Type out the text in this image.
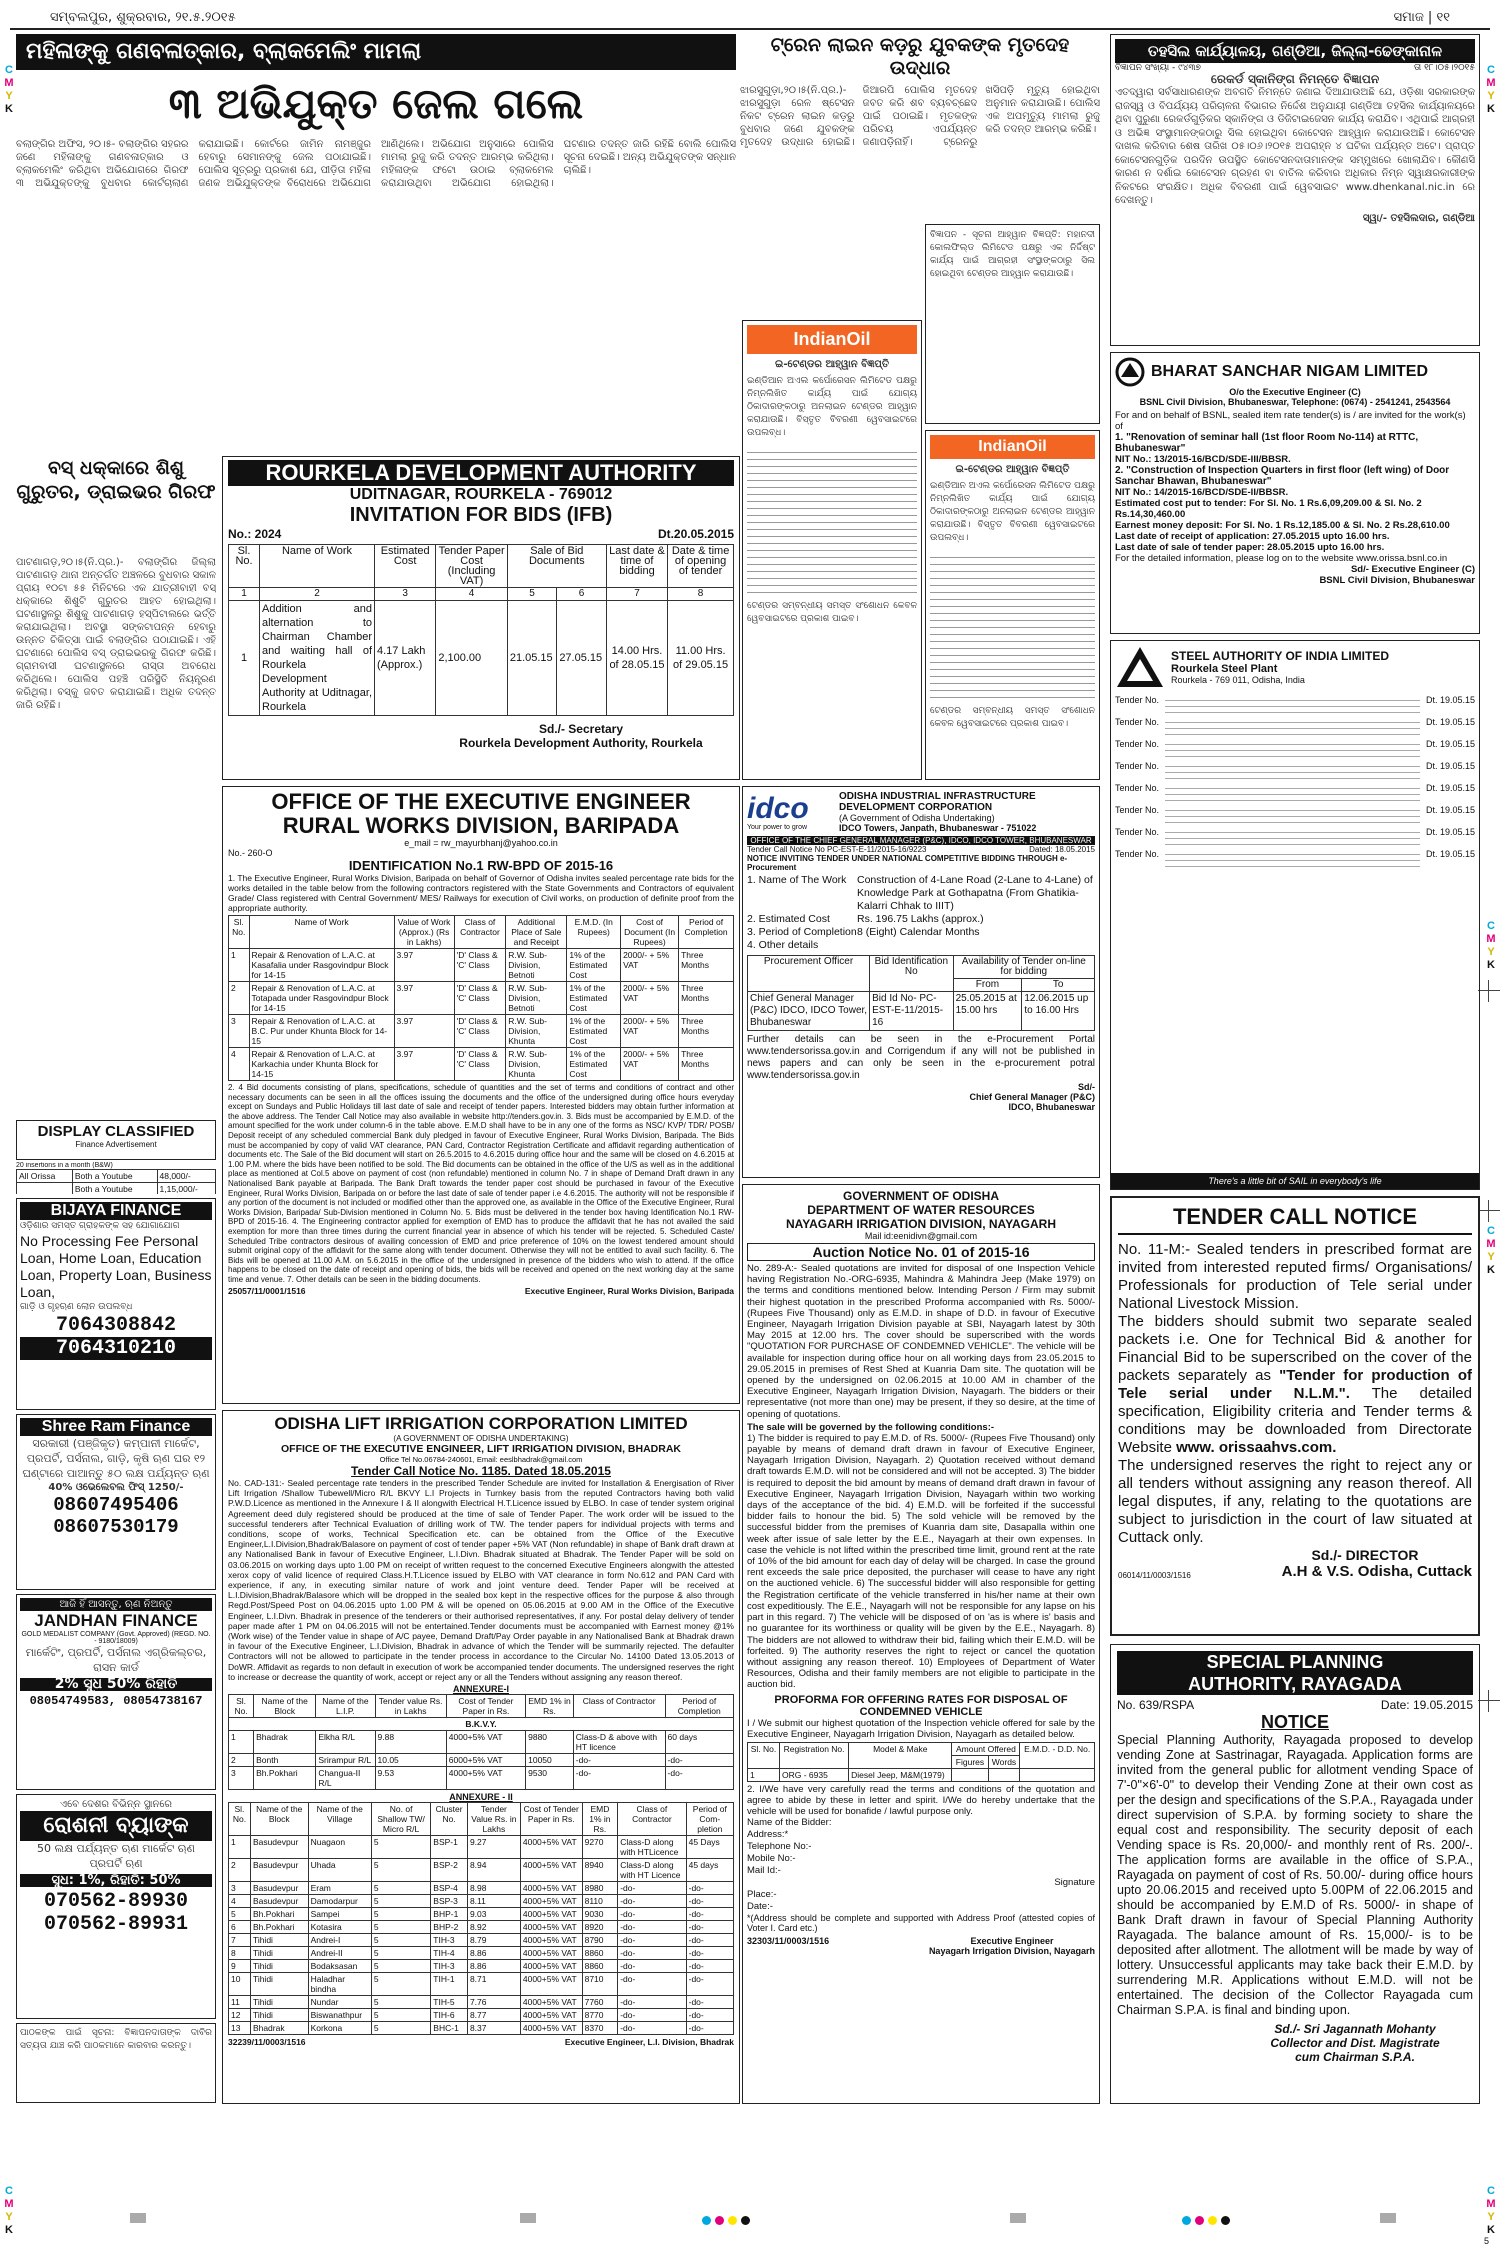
ସମ୍ବଲପୁର, ଶୁକ୍ରବାର, ୨୧.୫.୨୦୧୫	ସମାଜ | ୧୧
C
M
Y
K
C
M
Y
K
C
M
Y
K
C
M
Y
K
C
M
Y
K
C
M
Y
K
ମହିଳାଙ୍କୁ ଗଣବଳାତ୍କାର, ବ୍ଲାକମେଲିଂ ମାମଲା
୩ ଅଭିଯୁକ୍ତ ଜେଲ ଗଲେ
ବଲାଙ୍ଗିର ଅଫିସ, ୨୦।୫- ବଲାଙ୍ଗିର ସହରର ଜଣେ ମହିଳାଙ୍କୁ ଗଣବଳାତ୍କାର ଓ ବ୍ଲାକମେଲିଂ କରିଥିବା ଅଭିଯୋଗରେ ଗିରଫ ୩ ଅଭିଯୁକ୍ତଙ୍କୁ ବୁଧବାର କୋର୍ଟଚାଲାଣ କରାଯାଇଛି। କୋର୍ଟରେ ଜାମିନ ନାମଞ୍ଜୁର ହେବାରୁ ସେମାନଙ୍କୁ ଜେଲ ପଠାଯାଇଛି। ପୋଲିସ ସୂତ୍ରରୁ ପ୍ରକାଶ ଯେ, ପୀଡ଼ିତା ମହିଳା ଜଣକ ଅଭିଯୁକ୍ତଙ୍କ ବିରୋଧରେ ଅଭିଯୋଗ ଆଣିଥିଲେ। ଅଭିଯୋଗ ଅନୁସାରେ ପୋଲିସ ମାମଲା ରୁଜୁ କରି ତଦନ୍ତ ଆରମ୍ଭ କରିଥିଲା। ମହିଳାଙ୍କ ଫଟୋ ଉଠାଇ ବ୍ଲାକମେଲ କରାଯାଉଥିବା ଅଭିଯୋଗ ହୋଇଥିଲା। ଘଟଣାର ତଦନ୍ତ ଜାରି ରହିଛି ବୋଲି ପୋଲିସ ସୂଚନା ଦେଇଛି। ଅନ୍ୟ ଅଭିଯୁକ୍ତଙ୍କ ସନ୍ଧାନ ଚାଲିଛି।
ଟ୍ରେନ ଲାଇନ କଡ଼ରୁ ଯୁବକଙ୍କ ମୃତଦେହ ଉଦ୍ଧାର
ଝାରସୁଗୁଡ଼ା,୨୦।୫(ନି.ପ୍ର.)- ଝାରସୁଗୁଡ଼ା ରେଳ ଷ୍ଟେସନ ନିକଟ ଟ୍ରେନ ଲାଇନ କଡ଼ରୁ ବୁଧବାର ଜଣେ ଯୁବକଙ୍କ ମୃତଦେହ ଉଦ୍ଧାର ହୋଇଛି। ଜିଆରପି ପୋଲିସ ମୃତଦେହ ଜବତ କରି ଶବ ବ୍ୟବଚ୍ଛେଦ ପାଇଁ ପଠାଇଛି। ମୃତକଙ୍କ ପରିଚୟ ଏପର୍ଯ୍ୟନ୍ତ ଜଣାପଡ଼ିନାହିଁ। ଟ୍ରେନରୁ ଖସିପଡ଼ି ମୃତ୍ୟୁ ହୋଇଥିବା ଅନୁମାନ କରାଯାଉଛି। ପୋଲିସ ଏକ ଅପମୃତ୍ୟୁ ମାମଲା ରୁଜୁ କରି ତଦନ୍ତ ଆରମ୍ଭ କରିଛି।
ବସ୍ ଧକ୍କାରେ ଶିଶୁ ଗୁରୁତର, ଡ୍ରାଇଭର ଗିରଫ
ପାଟଣାଗଡ଼,୨୦।୫(ନି.ପ୍ର.)- ବଲାଙ୍ଗିର ଜିଲ୍ଲା ପାଟଣାଗଡ଼ ଥାନା ଅନ୍ତର୍ଗତ ଅଞ୍ଚଳରେ ବୁଧବାର ସକାଳ ପ୍ରାୟ ୧୦ଟା ୫୫ ମିନିଟରେ ଏକ ଯାତ୍ରୀବାହୀ ବସ୍ ଧକ୍କାରେ ଶିଶୁଟି ଗୁରୁତର ଆହତ ହୋଇଥିଲା। ଘଟଣାସ୍ଥଳରୁ ଶିଶୁକୁ ପାଟଣାଗଡ଼ ହସ୍ପିଟାଲରେ ଭର୍ତ୍ତି କରାଯାଇଥିଲା। ଅବସ୍ଥା ସଙ୍କଟାପନ୍ନ ହେବାରୁ ଉନ୍ନତ ଚିକିତ୍ସା ପାଇଁ ବଲାଙ୍ଗିର ପଠାଯାଇଛି। ଏହି ଘଟଣାରେ ପୋଲିସ ବସ୍ ଡ୍ରାଇଭରକୁ ଗିରଫ କରିଛି। ଗ୍ରାମବାସୀ ଘଟଣାସ୍ଥଳରେ ରାସ୍ତା ଅବରୋଧ କରିଥିଲେ। ପୋଲିସ ପହଞ୍ଚି ପରିସ୍ଥିତି ନିୟନ୍ତ୍ରଣ କରିଥିଲା। ବସ୍‌କୁ ଜବତ କରାଯାଇଛି। ଅଧିକ ତଦନ୍ତ ଜାରି ରହିଛି।
ବିଜ୍ଞାପନ - ସୂଚନା ଆହ୍ୱାନ ବିଜ୍ଞପ୍ତି: ମହାନଦୀ କୋଲଫିଲ୍ଡ ଲିମିଟେଡ ପକ୍ଷରୁ ଏକ ନିର୍ଦ୍ଦିଷ୍ଟ କାର୍ଯ୍ୟ ପାଇଁ ଆଗ୍ରହୀ ସଂସ୍ଥାଙ୍କଠାରୁ ସିଲ ହୋଇଥିବା ଟେଣ୍ଡର ଆହ୍ୱାନ କରାଯାଉଛି।
ROURKELA DEVELOPMENT AUTHORITY
UDITNAGAR, ROURKELA - 769012
INVITATION FOR BIDS (IFB)
No.: 2024	Dt.20.05.2015
Sl. No.	Name of Work	Estimated Cost	Tender Paper Cost (Including VAT)	Sale of Bid Documents		Last date & time of bidding	Date & time of opening of tender
1	2	3	4	5	6	7	8
1	Addition and alternation to Chairman Chamber and waiting hall of Rourkela Development Authority at Uditnagar, Rourkela	4.17 Lakh (Approx.)	2,100.00	21.05.15	27.05.15	14.00 Hrs. of 28.05.15	11.00 Hrs. of 29.05.15
Sd./- Secretary
Rourkela Development Authority, Rourkela
IndianOil
ଇ-ଟେଣ୍ଡର ଆହ୍ୱାନ ବିଜ୍ଞପ୍ତି
ଇଣ୍ଡିଆନ ଅଏଲ କର୍ପୋରେସନ ଲିମିଟେଡ ପକ୍ଷରୁ ନିମ୍ନଲିଖିତ କାର୍ଯ୍ୟ ପାଇଁ ଯୋଗ୍ୟ ଠିକାଦାରଙ୍କଠାରୁ ଅନଲାଇନ ଟେଣ୍ଡର ଆହ୍ୱାନ କରାଯାଉଛି। ବିସ୍ତୃତ ବିବରଣୀ ୱେବସାଇଟରେ ଉପଲବ୍ଧ।
ଟେଣ୍ଡର ସମ୍ବନ୍ଧୀୟ ସମସ୍ତ ସଂଶୋଧନ କେବଳ ୱେବସାଇଟରେ ପ୍ରକାଶ ପାଇବ।
IndianOil
ଇ-ଟେଣ୍ଡର ଆହ୍ୱାନ ବିଜ୍ଞପ୍ତି
ଇଣ୍ଡିଆନ ଅଏଲ କର୍ପୋରେସନ ଲିମିଟେଡ ପକ୍ଷରୁ ନିମ୍ନଲିଖିତ କାର୍ଯ୍ୟ ପାଇଁ ଯୋଗ୍ୟ ଠିକାଦାରଙ୍କଠାରୁ ଅନଲାଇନ ଟେଣ୍ଡର ଆହ୍ୱାନ କରାଯାଉଛି। ବିସ୍ତୃତ ବିବରଣୀ ୱେବସାଇଟରେ ଉପଲବ୍ଧ।
ଟେଣ୍ଡର ସମ୍ବନ୍ଧୀୟ ସମସ୍ତ ସଂଶୋଧନ କେବଳ ୱେବସାଇଟରେ ପ୍ରକାଶ ପାଇବ।
OFFICE OF THE EXECUTIVE ENGINEER
RURAL WORKS DIVISION, BARIPADA
e_mail = rw_mayurbhanj@yahoo.co.in
No.- 260-O
IDENTIFICATION No.1 RW-BPD OF 2015-16
1. The Executive Engineer, Rural Works Division, Baripada on behalf of Governor of Odisha invites sealed percentage rate bids for the works detailed in the table below from the following contractors registered with the State Governments and Contractors of equivalent Grade/ Class registered with Central Government/ MES/ Railways for execution of Civil works, on production of definite proof from the appropriate authority.
Sl. No.	Name of Work	Value of Work (Approx.) (Rs in Lakhs)	Class of Contractor	Additional Place of Sale and Receipt	E.M.D. (In Rupees)	Cost of Document (In Rupees)	Period of Completion
1	Repair & Renovation of L.A.C. at Kasafalia under Rasgovindpur Block for 14-15	3.97	'D' Class & 'C' Class	R.W. Sub-Division, Betnoti	1% of the Estimated Cost	2000/- + 5% VAT	Three Months
2	Repair & Renovation of L.A.C. at Totapada under Rasgovindpur Block for 14-15	3.97	'D' Class & 'C' Class	R.W. Sub-Division, Betnoti	1% of the Estimated Cost	2000/- + 5% VAT	Three Months
3	Repair & Renovation of L.A.C. at B.C. Pur under Khunta Block for 14-15	3.97	'D' Class & 'C' Class	R.W. Sub-Division, Khunta	1% of the Estimated Cost	2000/- + 5% VAT	Three Months
4	Repair & Renovation of L.A.C. at Karkachia under Khunta Block for 14-15	3.97	'D' Class & 'C' Class	R.W. Sub-Division, Khunta	1% of the Estimated Cost	2000/- + 5% VAT	Three Months
2. 4 Bid documents consisting of plans, specifications, schedule of quantities and the set of terms and conditions of contract and other necessary documents can be seen in all the offices issuing the documents and the office of the undersigned during office hours everyday except on Sundays and Public Holidays till last date of sale and receipt of tender papers. Interested bidders may obtain further information at the above address. The Tender Call Notice may also available in website http://tenders.gov.in. 3. Bids must be accompanied by E.M.D. of the amount specified for the work under column-6 in the table above. E.M.D shall have to be in any one of the forms as NSC/ KVP/ TDR/ POSB/ Deposit receipt of any scheduled commercial Bank duly pledged in favour of Executive Engineer, Rural Works Division, Baripada. The Bids must be accompanied by copy of valid VAT clearance, PAN Card, Contractor Registration Certificate and affidavit regarding authentication of documents etc. The Sale of the Bid document will start on 26.5.2015 to 4.6.2015 during office hour and the same will be closed on 4.6.2015 at 1.00 P.M. where the bids have been notified to be sold. The Bid documents can be obtained in the office of the U/S as well as in the additional place as mentioned at Col.5 above on payment of cost (non refundable) mentioned in column No. 7 in shape of Demand Draft drawn in any Nationalised Bank payable at Baripada. The Bank Draft towards the tender paper cost should be purchased in favour of the Executive Engineer, Rural Works Division, Baripada on or before the last date of sale of tender paper i.e 4.6.2015. The authority will not be responsible if any portion of the document is not included or modified other than the approved one, as available in the Office of the Executive Engineer, Rural Works Division, Baripada/ Sub-Division mentioned in Column No. 5. Bids must be delivered in the tender box having Identification No.1 RW-BPD of 2015-16. 4. The Engineering contractor applied for exemption of EMD has to produce the affidavit that he has not availed the said exemption for more than three times during the current financial year in absence of which his tender will be rejected. 5. Scheduled Caste/ Scheduled Tribe contractors desirous of availing concession of EMD and price preference of 10% on the lowest tendered amount should submit original copy of the affidavit for the same along with tender document. Otherwise they will not be entitled to avail such facility. 6. The Bids will be opened at 11.00 A.M. on 5.6.2015 in the office of the undersigned in presence of the bidders who wish to attend. If the office happens to be closed on the date of receipt and opening of bids, the bids will be received and opened on the next working day at the same time and venue. 7. Other details can be seen in the bidding documents.
25057/11/0001/1516	Executive Engineer, Rural Works Division, Baripada
idco
Your power to grow
ODISHA INDUSTRIAL INFRASTRUCTURE DEVELOPMENT CORPORATION
(A Government of Odisha Undertaking)
IDCO Towers, Janpath, Bhubaneswar - 751022
OFFICE OF THE CHIEF GENERAL MANAGER (P&C), IDCO, IDCO TOWER, BHUBANESWAR
Tender Call Notice No PC-EST-E-11/2015-16/9223	Dated: 18.05.2015
NOTICE INVITING TENDER UNDER NATIONAL COMPETITIVE BIDDING THROUGH e-Procurement
1. Name of The Work	Construction of 4-Lane Road (2-Lane to 4-Lane) of Knowledge Park at Gothapatna (From Ghatikia-Kalarri Chhak to IIIT)
2. Estimated Cost	Rs. 196.75 Lakhs (approx.)
3. Period of Completion 8 (Eight) Calendar Months
4. Other details
Procurement Officer	Bid Identification No	Availability of Tender on-line for bidding	
		From	To
Chief General Manager (P&C) IDCO, IDCO Tower, Bhubaneswar	Bid Id No- PC-EST-E-11/2015-16	25.05.2015 at 15.00 hrs	12.06.2015 up to 16.00 Hrs
Further details can be seen in the e-Procurement Portal www.tendersorissa.gov.in and Corrigendum if any will not be published in news papers and can only be seen in the e-procurement potral www.tendersorissa.gov.in
Sd/-
Chief General Manager (P&C)
IDCO, Bhubaneswar
GOVERNMENT OF ODISHA
DEPARTMENT OF WATER RESOURCES
NAYAGARH IRRIGATION DIVISION, NAYAGARH
Mail id:eenidivn@gmail.com
Auction Notice No. 01 of 2015-16
No. 289-A:- Sealed quotations are invited for disposal of one Inspection Vehicle having Registration No.-ORG-6935, Mahindra & Mahindra Jeep (Make 1979) on the terms and conditions mentioned below. Intending Person / Firm may submit their highest quotation in the prescribed Proforma accompanied with Rs. 5000/- (Rupees Five Thousand) only as E.M.D. in shape of D.D. in favour of Executive Engineer, Nayagarh Irrigation Division payable at SBI, Nayagarh latest by 30th May 2015 at 12.00 hrs. The cover should be superscribed with the words "QUOTATION FOR PURCHASE OF CONDEMNED VEHICLE". The vehicle will be available for inspection during office hour on all working days from 23.05.2015 to 29.05.2015 in premises of Rest Shed at Kuanria Dam site. The quotation will be opened by the undersigned on 02.06.2015 at 10.00 AM in chamber of the Executive Engineer, Nayagarh Irrigation Division, Nayagarh. The bidders or their representative (not more than one) may be present, if they so desire, at the time of opening of quotations.
The sale will be governed by the following conditions:-
1) The bidder is required to pay E.M.D. of Rs. 5000/- (Rupees Five Thousand) only payable by means of demand draft drawn in favour of Executive Engineer, Nayagarh Irrigation Division, Nayagarh. 2) Quotation received without demand draft towards E.M.D. will not be considered and will not be accepted. 3) The bidder is required to deposit the bid amount by means of demand draft drawn in favour of Executive Engineer, Nayagarh Irrigation Division, Nayagarh within two working days of the acceptance of the bid. 4) E.M.D. will be forfeited if the successful bidder fails to honour the bid. 5) The sold vehicle will be removed by the successful bidder from the premises of Kuanria dam site, Dasapalla within one week after issue of sale letter by the E.E., Nayagarh at their own expenses. In case the vehicle is not lifted within the prescribed time limit, ground rent at the rate of 10% of the bid amount for each day of delay will be charged. In case the ground rent exceeds the sale price deposited, the purchaser will cease to have any right on the auctioned vehicle. 6) The successful bidder will also responsible for getting the Registration certificate of the vehicle transferred in his/her name at their own cost expeditiously. The E.E., Nayagarh will not be responsible for any lapse on his part in this regard. 7) The vehicle will be disposed of on 'as is where is' basis and no guarantee for its worthiness or quality will be given by the E.E., Nayagarh. 8) The bidders are not allowed to withdraw their bid, failing which their E.M.D. will be forfeited. 9) The authority reserves the right to reject or cancel the quotation without assigning any reason thereof. 10) Employees of Department of Water Resources, Odisha and their family members are not eligible to participate in the auction bid.
PROFORMA FOR OFFERING RATES FOR DISPOSAL OF CONDEMNED VEHICLE
I / We submit our highest quotation of the Inspection vehicle offered for sale by the Executive Engineer, Nayagarh Irrigation Division, Nayagarh as detailed below.
Sl. No.	Registration No.	Model & Make	Amount Offered		E.M.D. - D.D. No.
			Figures	Words	
1	ORG - 6935	Diesel Jeep, M&M(1979)			
2. I/We have very carefully read the terms and conditions of the quotation and agree to abide by these in letter and spirit. I/We do hereby undertake that the vehicle will be used for bonafide / lawful purpose only.
Name of the Bidder:
Address:*
Telephone No:-
Mobile No:-
Mail Id:-
Signature
Place:-
Date:-
*(Address should be complete and supported with Address Proof (attested copies of Voter I. Card etc.)
32303/11/0003/1516	Executive Engineer
Nayagarh Irrigation Division, Nayagarh
DISPLAY CLASSIFIED
Finance Advertisement
20 insertions in a month (B&W)
All Orissa	Both a Youtube	48,000/-
	Both a Youtube	1,15,000/-
BIJAYA FINANCE
ଓଡ଼ିଶାର ସମସ୍ତ ଗ୍ରାହକଙ୍କ ସହ ଯୋଗାଯୋଗ
No Processing Fee Personal Loan, Home Loan, Education Loan, Property Loan, Business Loan,
ଗାଡ଼ି ଓ ଗୃହଋଣ ଲୋନ ଉପଲବ୍ଧ
7064308842
7064310210
Shree Ram Finance
ସରକାରୀ (ପଞ୍ଜିକୃତ) କମ୍ପାନୀ ମାର୍କେଟ, ପ୍ରପର୍ଟି, ପର୍ସନାଲ, ଗାଡ଼ି, କୃଷି ଋଣ ଘର ୧୨ ଘଣ୍ଟାରେ ପାଆନ୍ତୁ ୫୦ ଲକ୍ଷ ପର୍ଯ୍ୟନ୍ତ ଋଣ
40% ଓଭେଲେବଲ ଫିସ୍ 1250/-
08607495406
08607530179
ଆଜି ହିଁ ଆସନ୍ତୁ, ଋଣ ନିଅନ୍ତୁ
JANDHAN FINANCE
GOLD MEDALIST COMPANY (Govt. Approved) (REGD. NO. - 9180/18009)
ମାର୍କେଟିଂ, ପ୍ରପର୍ଟି, ପର୍ସନାଲ ଏଗ୍ରିକଲ୍ଚର, ରାସନ କାର୍ଡ
2% ସୁଧ 50% ରିହାତି
08054749583, 08054738167
ଏବେ ଦେଶର ବିଭିନ୍ନ ସ୍ଥାନରେ
ରୋଶନୀ ବ୍ୟାଙ୍କ
50 ଲକ୍ଷ ପର୍ଯ୍ୟନ୍ତ ଋଣ ମାର୍କେଟ ଋଣ ପ୍ରପର୍ଟି ଋଣ
ସୁଧ: 1%, ରିହାତି: 50%
070562-89930
070562-89931
ପାଠକଙ୍କ ପାଇଁ ସୂଚନା: ବିଜ୍ଞାପନଦାତାଙ୍କ ଦାବିର ସତ୍ୟତା ଯାଞ୍ଚ କରି ପାଠକମାନେ କାରବାର କରନ୍ତୁ।
ODISHA LIFT IRRIGATION CORPORATION LIMITED
(A GOVERNMENT OF ODISHA UNDERTAKING)
OFFICE OF THE EXECUTIVE ENGINEER, LIFT IRRIGATION DIVISION, BHADRAK
Office Tel No.06784-240601, Email: eeslbhadrak@gmail.com
Tender Call Notice No. 1185. Dated 18.05.2015
No. CAD-131:- Sealed percentage rate tenders in the prescribed Tender Schedule are invited for Installation & Energisation of River Lift Irrigation /Shallow Tubewell/Micro R/L BKVY L.I Projects in Turnkey basis from the reputed Contractors having both valid P.W.D.Licence as mentioned in the Annexure I & II alongwith Electrical H.T.Licence issued by ELBO. In case of tender system original Agreement deed duly registered should be produced at the time of sale of Tender Paper. The work order will be issued to the successful tenderers after Technical Evaluation of drilling work of TW. The tender papers for individual projects with terms and conditions, scope of works, Technical Specification etc. can be obtained from the Office of the Executive Engineer,L.I.Division,Bhadrak/Balasore on payment of cost of tender paper +5% VAT (Non refundable) in shape of Bank draft drawn at any Nationalised Bank in favour of Executive Engineer, L.I.Divn. Bhadrak situated at Bhadrak. The Tender Paper will be sold on 03.06.2015 on working days upto 1.00 PM on receipt of written request to the concerned Executive Engineers alongwith the attested xerox copy of valid licence of required Class.H.T.Licence issued by ELBO with VAT clearance in form No.612 and PAN Card with experience, if any, in executing similar nature of work and joint venture deed. Tender Paper will be received at L.I.Division,Bhadrak/Balasore which will be dropped in the sealed box kept in the respective offices for the purpose & also through Regd.Post/Speed Post on 04.06.2015 upto 1.00 PM & will be opened on 05.06.2015 at 9.00 AM in the Office of the Executive Engineer, L.I.Divn. Bhadrak in presence of the tenderers or their authorised representatives, if any. For postal delay delivery of tender paper made after 1 PM on 04.06.2015 will not be entertained.Tender documents must be accompanied with Earnest money @1% (Work wise) of the Tender value in shape of A/C payee, Demand Draft/Pay Order payable in any Nationalised Bank at Bhadrak drawn in favour of the Executive Engineer, L.I.Division, Bhadrak in advance of which the Tender will be summarily rejected. The defaulter Contractors will not be allowed to participate in the tender process in accordance to the Circular No. 14100 Dated 13.05.2013 of DoWR. Affidavit as regards to non default in execution of work be accompanied tender documents. The undersigned reserves the right to increase or decrease the quantity of work, accept or reject any or all the Tenders without assigning any reason thereof.
ANNEXURE-I
Sl. No.	Name of the Block	Name of the L.I.P.	Tender value Rs. in Lakhs	Cost of Tender Paper in Rs.	EMD 1% in Rs.	Class of Contractor	Period of Completion
B.K.V.Y.							
1	Bhadrak	Elkha R/L	9.88	4000+5% VAT	9880	Class-D & above with HT licence	60 days
2	Bonth	Srirampur R/L	10.05	6000+5% VAT	10050	-do-	-do-
3	Bh.Pokhari	Changua-II R/L	9.53	4000+5% VAT	9530	-do-	-do-
ANNEXURE - II
Sl. No.	Name of the Block	Name of the Village	No. of Shallow TW/ Micro R/L	Cluster No.	Tender Value Rs. in Lakhs	Cost of Tender Paper in Rs.	EMD 1% in Rs.	Class of Contractor	Period of Com-pletion
1	Basudevpur	Nuagaon	5	BSP-1	9.27	4000+5% VAT	9270	Class-D along with HTLicence	45 Days
2	Basudevpur	Uhada	5	BSP-2	8.94	4000+5% VAT	8940	Class-D along with HT Licence	45 days
3	Basudevpur	Eram	5	BSP-4	8.98	4000+5% VAT	8980	-do-	-do-
4	Basudevpur	Damodarpur	5	BSP-3	8.11	4000+5% VAT	8110	-do-	-do-
5	Bh.Pokhari	Sampei	5	BHP-1	9.03	4000+5% VAT	9030	-do-	-do-
6	Bh.Pokhari	Kotasira	5	BHP-2	8.92	4000+5% VAT	8920	-do-	-do-
7	Tihidi	Andrei-I	5	TIH-3	8.79	4000+5% VAT	8790	-do-	-do-
8	Tihidi	Andrei-II	5	TIH-4	8.86	4000+5% VAT	8860	-do-	-do-
9	Tihidi	Bodaksasan	5	TIH-3	8.86	4000+5% VAT	8860	-do-	-do-
10	Tihidi	Haladhar bindha	5	TIH-1	8.71	4000+5% VAT	8710	-do-	-do-
11	Tihidi	Nundar	5	TIH-5	7.76	4000+5% VAT	7760	-do-	-do-
12	Tihidi	Biswanathpur	5	TIH-6	8.77	4000+5% VAT	8770	-do-	-do-
13	Bhadrak	Korkona	5	BHC-1	8.37	4000+5% VAT	8370	-do-	-do-
32239/11/0003/1516	Executive Engineer, L.I. Division, Bhadrak
ତହସିଲ କାର୍ଯ୍ୟାଳୟ, ଗଣ୍ଡିଆ, ଜିଲ୍ଲା-ଢେଙ୍କାନାଳ
ବିଜ୍ଞାପନ ସଂଖ୍ୟା - ୯୪୩୭	ତା ୧୮।୦୫।୨୦୧୫
ରେକର୍ଡ ସ୍କାନିଙ୍ଗ ନିମନ୍ତେ ବିଜ୍ଞାପନ
ଏତଦ୍ୱାରା ସର୍ବସାଧାରଣଙ୍କ ଅବଗତି ନିମନ୍ତେ ଜଣାଇ ଦିଆଯାଉଅଛି ଯେ, ଓଡ଼ିଶା ସରକାରଙ୍କ ରାଜସ୍ୱ ଓ ବିପର୍ଯ୍ୟୟ ପରିଚାଳନା ବିଭାଗର ନିର୍ଦ୍ଦେଶ ଅନୁଯାୟୀ ଗଣ୍ଡିଆ ତହସିଲ କାର୍ଯ୍ୟାଳୟରେ ଥିବା ପୁରୁଣା ରେକର୍ଡଗୁଡ଼ିକର ସ୍କାନିଙ୍ଗ ଓ ଡିଜିଟାଇଜେସନ କାର୍ଯ୍ୟ କରାଯିବ। ଏଥିପାଇଁ ଆଗ୍ରହୀ ଓ ଅଭିଜ୍ଞ ସଂସ୍ଥାମାନଙ୍କଠାରୁ ସିଲ ହୋଇଥିବା କୋଟେସନ ଆହ୍ୱାନ କରାଯାଉଅଛି। କୋଟେସନ ଦାଖଲ କରିବାର ଶେଷ ତାରିଖ ୦୫।୦୬।୨୦୧୫ ଅପରାହ୍ନ ୪ ଘଟିକା ପର୍ଯ୍ୟନ୍ତ ଅଟେ। ପ୍ରାପ୍ତ କୋଟେସନଗୁଡ଼ିକ ପରଦିନ ଉପସ୍ଥିତ କୋଟେସନଦାତାମାନଙ୍କ ସମ୍ମୁଖରେ ଖୋଲାଯିବ। କୌଣସି କାରଣ ନ ଦର୍ଶାଇ କୋଟେସନ ଗ୍ରହଣ ବା ବାତିଲ କରିବାର ଅଧିକାର ନିମ୍ନ ସ୍ୱାକ୍ଷରକାରୀଙ୍କ ନିକଟରେ ସଂରକ୍ଷିତ। ଅଧିକ ବିବରଣୀ ପାଇଁ ୱେବସାଇଟ www.dhenkanal.nic.in ରେ ଦେଖନ୍ତୁ।
ସ୍ୱା/- ତହସିଲଦାର, ଗଣ୍ଡିଆ
BHARAT SANCHAR NIGAM LIMITED
O/o the Executive Engineer (C)
BSNL Civil Division, Bhubaneswar, Telephone: (0674) - 2541241, 2543564
For and on behalf of BSNL, sealed item rate tender(s) is / are invited for the work(s) of
1. "Renovation of seminar hall (1st floor Room No-114) at RTTC, Bhubaneswar"
NIT No.: 13/2015-16/BCD/SDE-III/BBSR.
2. "Construction of Inspection Quarters in first floor (left wing) of Door Sanchar Bhawan, Bhubaneswar"
NIT No.: 14/2015-16/BCD/SDE-II/BBSR.
Estimated cost put to tender: For Sl. No. 1 Rs.6,09,209.00 & Sl. No. 2 Rs.14,30,460.00
Earnest money deposit: For Sl. No. 1 Rs.12,185.00 & Sl. No. 2 Rs.28,610.00
Last date of receipt of application: 27.05.2015 upto 16.00 hrs.
Last date of sale of tender paper: 28.05.2015 upto 16.00 hrs.
For the detailed information, please log on to the website www.orissa.bsnl.co.in
Sd/- Executive Engineer (C)
BSNL Civil Division, Bhubaneswar
STEEL AUTHORITY OF INDIA LIMITED
Rourkela Steel Plant
Rourkela - 769 011, Odisha, India
Tender No.	Dt. 19.05.15
Tender No.	Dt. 19.05.15
Tender No.	Dt. 19.05.15
Tender No.	Dt. 19.05.15
Tender No.	Dt. 19.05.15
Tender No.	Dt. 19.05.15
Tender No.	Dt. 19.05.15
Tender No.	Dt. 19.05.15
There's a little bit of SAIL in everybody's life
TENDER CALL NOTICE
No. 11-M:- Sealed tenders in prescribed format are invited from interested reputed firms/ Organisations/ Professionals for production of Tele serial under National Livestock Mission.
The bidders should submit two separate sealed packets i.e. One for Technical Bid & another for Financial Bid to be superscribed on the cover of the packets separately as "Tender for production of Tele serial under N.L.M.". The detailed specification, Eligibility criteria and Tender terms & conditions may be downloaded from Directorate Website www. orissaahvs.com.
The undersigned reserves the right to reject any or all tenders without assigning any reason thereof. All legal disputes, if any, relating to the quotations are subject to jurisdiction in the court of law situated at Cuttack only.
Sd./- DIRECTOR
06014/11/0003/1516	A.H & V.S. Odisha, Cuttack
SPECIAL PLANNING
AUTHORITY, RAYAGADA
No. 639/RSPA	Date: 19.05.2015
NOTICE
Special Planning Authority, Rayagada proposed to develop vending Zone at Sastrinagar, Rayagada. Application forms are invited from the general public for allotment vending Space of 7'-0"×6'-0" to develop their Vending Zone at their own cost as per the design and specifications of the S.P.A., Rayagada under direct supervision of S.P.A. by forming society to share the equal cost and responsibility. The security deposit of each Vending space is Rs. 20,000/- and monthly rent of Rs. 200/-. The application forms are available in the office of S.P.A., Rayagada on payment of cost of Rs. 50.00/- during office hours upto 20.06.2015 and received upto 5.00PM of 22.06.2015 and should be accompanied by E.M.D of Rs. 5000/- in shape of Bank Draft drawn in favour of Special Planning Authority Rayagada. The balance amount of Rs. 15,000/- is to be deposited after allotment. The allotment will be made by way of lottery. Unsuccessful applicants may take back their E.M.D. by surrendering M.R. Applications without E.M.D. will not be entertained. The decision of the Collector Rayagada cum Chairman S.P.A. is final and binding upon.
Sd./- Sri Jagannath Mohanty
Collector and Dist. Magistrate
cum Chairman S.P.A.
5
